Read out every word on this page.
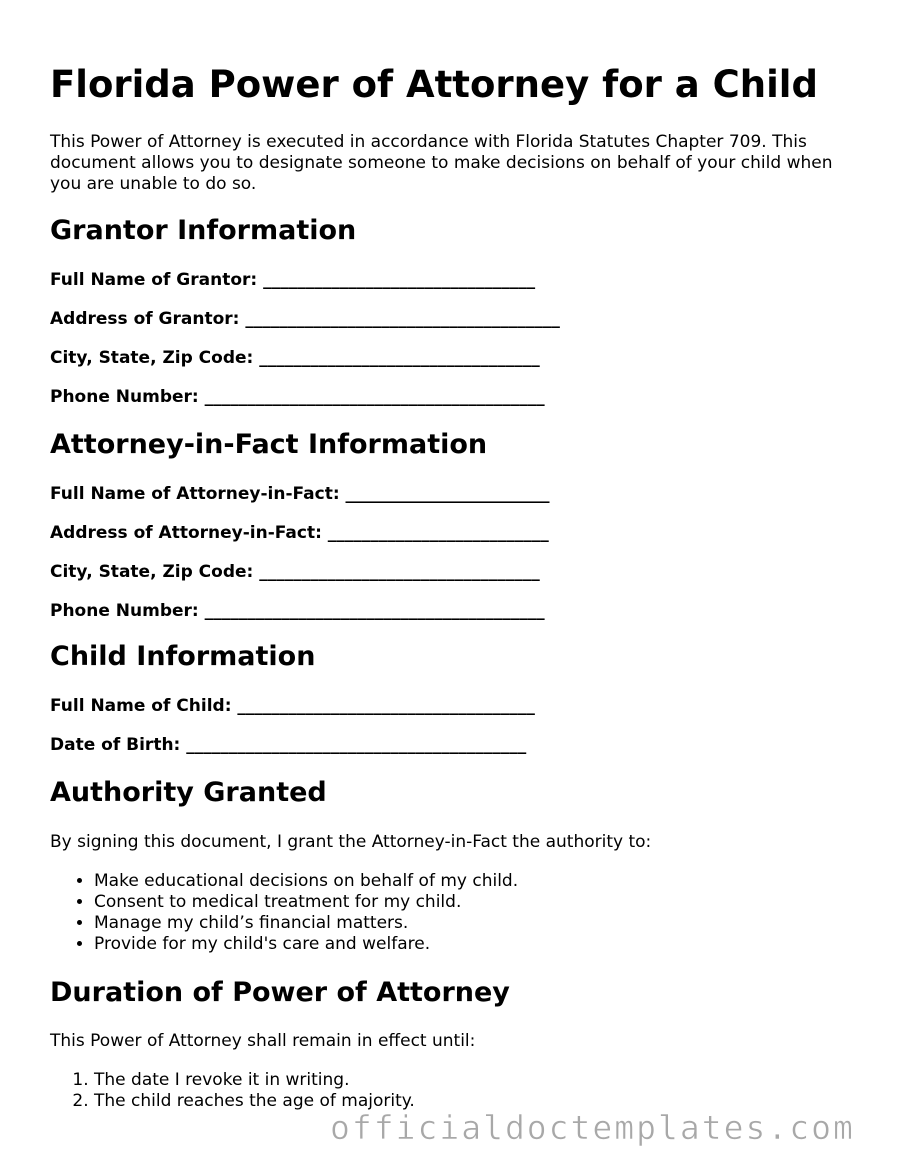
Florida Power of Attorney for a Child

This Power of Attorney is executed in accordance with Florida Statutes Chapter 709. This document allows you to designate someone to make decisions on behalf of your child when you are unable to do so.

Grantor Information

Full Name of Grantor: ________________________________

Address of Grantor: _____________________________________

City, State, Zip Code: _________________________________

Phone Number: ________________________________________

Attorney-in-Fact Information

Full Name of Attorney-in-Fact: ________________________

Address of Attorney-in-Fact: __________________________

City, State, Zip Code: _________________________________

Phone Number: ________________________________________

Child Information

Full Name of Child: ___________________________________

Date of Birth: ________________________________________

Authority Granted

By signing this document, I grant the Attorney-in-Fact the authority to:

• Make educational decisions on behalf of my child.
• Consent to medical treatment for my child.
• Manage my child’s financial matters.
• Provide for my child's care and welfare.
Duration of Power of Attorney

This Power of Attorney shall remain in effect until:

1. The date I revoke it in writing.
2. The child reaches the age of majority.
officialdoctemplates.com
